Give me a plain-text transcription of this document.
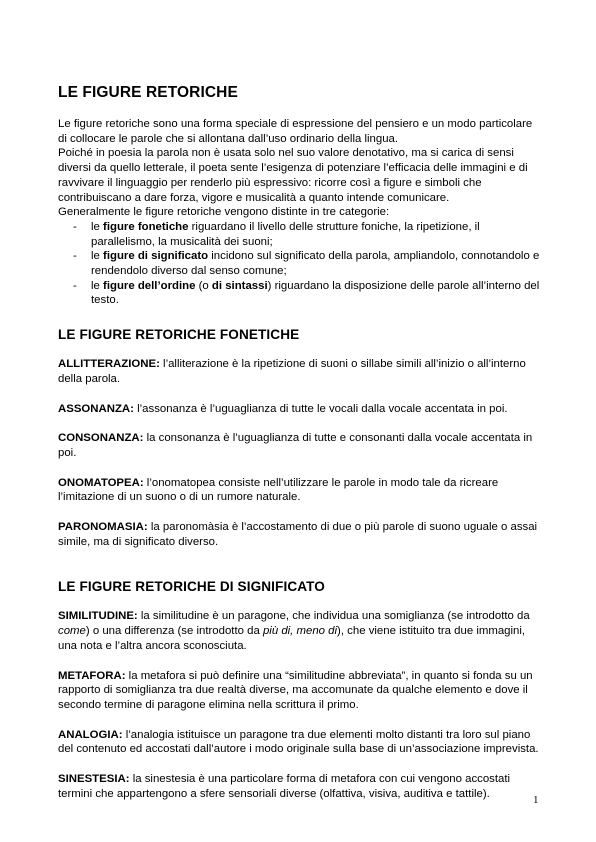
LE FIGURE RETORICHE

Le figure retoriche sono una forma speciale di espressione del pensiero e un modo particolare di collocare le parole che si allontana dall’uso ordinario della lingua.

Poiché in poesia la parola non è usata solo nel suo valore denotativo, ma si carica di sensi diversi da quello letterale, il poeta sente l’esigenza di potenziare l’efficacia delle immagini e di ravvivare il linguaggio per renderlo più espressivo: ricorre così a figure e simboli che contribuiscano a dare forza, vigore e musicalità a quanto intende comunicare.

Generalmente le figure retoriche vengono distinte in tre categorie:

- le figure fonetiche riguardano il livello delle strutture foniche, la ripetizione, il parallelismo, la musicalità dei suoni;
- le figure di significato incidono sul significato della parola, ampliandolo, connotandolo e rendendolo diverso dal senso comune;
- le figure dell’ordine (o di sintassi) riguardano la disposizione delle parole all’interno del testo.
LE FIGURE RETORICHE FONETICHE

ALLITTERAZIONE: l’alliterazione è la ripetizione di suoni o sillabe simili all’inizio o all’interno della parola.

ASSONANZA: l’assonanza è l’uguaglianza di tutte le vocali dalla vocale accentata in poi.

CONSONANZA: la consonanza è l’uguaglianza di tutte e consonanti dalla vocale accentata in poi.

ONOMATOPEA: l’onomatopea consiste nell’utilizzare le parole in modo tale da ricreare l’imitazione di un suono o di un rumore naturale.

PARONOMASIA: la paronomàsia è l’accostamento di due o più parole di suono uguale o assai simile, ma di significato diverso.

LE FIGURE RETORICHE DI SIGNIFICATO

SIMILITUDINE: la similitudine è un paragone, che individua una somiglianza (se introdotto da come) o una differenza (se introdotto da più di, meno di), che viene istituito tra due immagini, una nota e l’altra ancora sconosciuta.

METAFORA: la metafora si può definire una “similitudine abbreviata”, in quanto si fonda su un rapporto di somiglianza tra due realtà diverse, ma accomunate da qualche elemento e dove il secondo termine di paragone elimina nella scrittura il primo.

ANALOGIA: l’analogia istituisce un paragone tra due elementi molto distanti tra loro sul piano del contenuto ed accostati dall’autore i modo originale sulla base di un’associazione imprevista.

SINESTESIA: la sinestesia è una particolare forma di metafora con cui vengono accostati termini che appartengono a sfere sensoriali diverse (olfattiva, visiva, auditiva e tattile).

1
